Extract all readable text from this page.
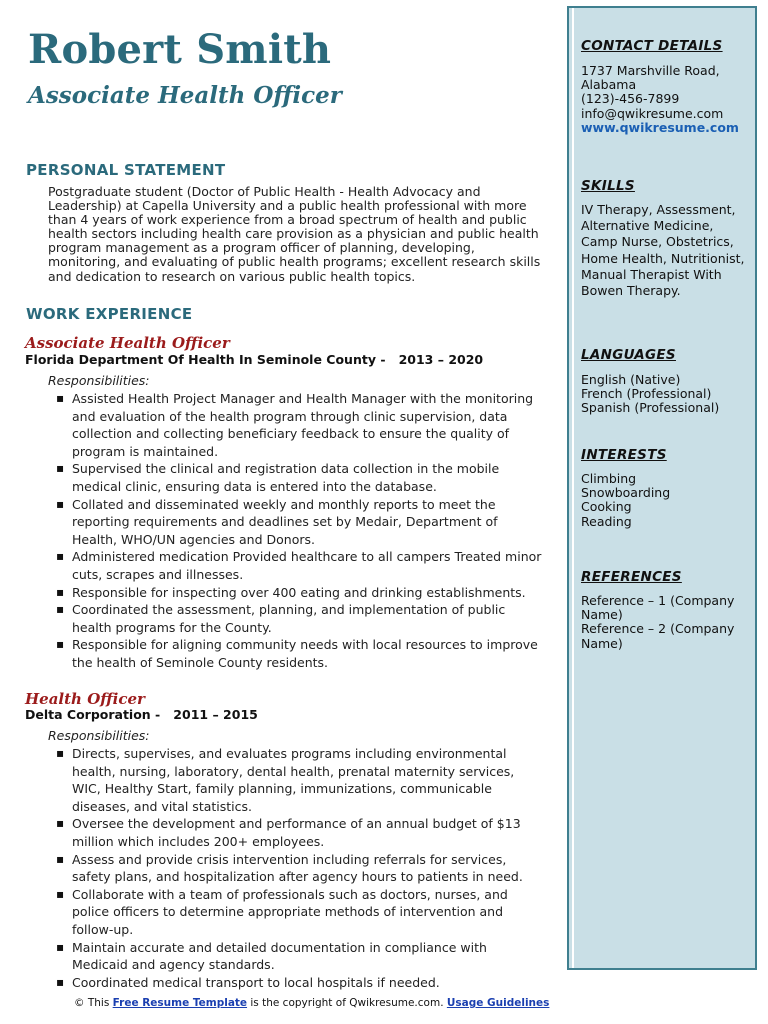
Robert Smith
Associate Health Officer
PERSONAL STATEMENT

Postgraduate student (Doctor of Public Health - Health Advocacy and Leadership) at Capella University and a public health professional with more than 4 years of work experience from a broad spectrum of health and public health sectors including health care provision as a physician and public health program management as a program officer of planning, developing, monitoring, and evaluating of public health programs; excellent research skills and dedication to research on various public health topics.

WORK EXPERIENCE
Associate Health Officer
Florida Department Of Health In Seminole County -   2013 – 2020
Responsibilities:
▪ Assisted Health Project Manager and Health Manager with the monitoring and evaluation of the health program through clinic supervision, data collection and collecting beneficiary feedback to ensure the quality of program is maintained.
▪ Supervised the clinical and registration data collection in the mobile medical clinic, ensuring data is entered into the database.
▪ Collated and disseminated weekly and monthly reports to meet the reporting requirements and deadlines set by Medair, Department of Health, WHO/UN agencies and Donors.
▪ Administered medication Provided healthcare to all campers Treated minor cuts, scrapes and illnesses.
▪ Responsible for inspecting over 400 eating and drinking establishments.
▪ Coordinated the assessment, planning, and implementation of public health programs for the County.
▪ Responsible for aligning community needs with local resources to improve the health of Seminole County residents.
Health Officer
Delta Corporation -   2011 – 2015
Responsibilities:
▪ Directs, supervises, and evaluates programs including environmental health, nursing, laboratory, dental health, prenatal maternity services, WIC, Healthy Start, family planning, immunizations, communicable diseases, and vital statistics.
▪ Oversee the development and performance of an annual budget of $13 million which includes 200+ employees.
▪ Assess and provide crisis intervention including referrals for services, safety plans, and hospitalization after agency hours to patients in need.
▪ Collaborate with a team of professionals such as doctors, nurses, and police officers to determine appropriate methods of intervention and follow-up.
▪ Maintain accurate and detailed documentation in compliance with Medicaid and agency standards.
▪ Coordinated medical transport to local hospitals if needed.
© This Free Resume Template is the copyright of Qwikresume.com. Usage Guidelines
CONTACT DETAILS
1737 Marshville Road,
Alabama
(123)-456-7899
info@qwikresume.com
www.qwikresume.com
SKILLS
IV Therapy, Assessment, Alternative Medicine, Camp Nurse, Obstetrics, Home Health, Nutritionist, Manual Therapist With Bowen Therapy.
LANGUAGES
English (Native)
French (Professional)
Spanish (Professional)
INTERESTS
Climbing
Snowboarding
Cooking
Reading
REFERENCES
Reference – 1 (Company Name)
Reference – 2 (Company Name)
